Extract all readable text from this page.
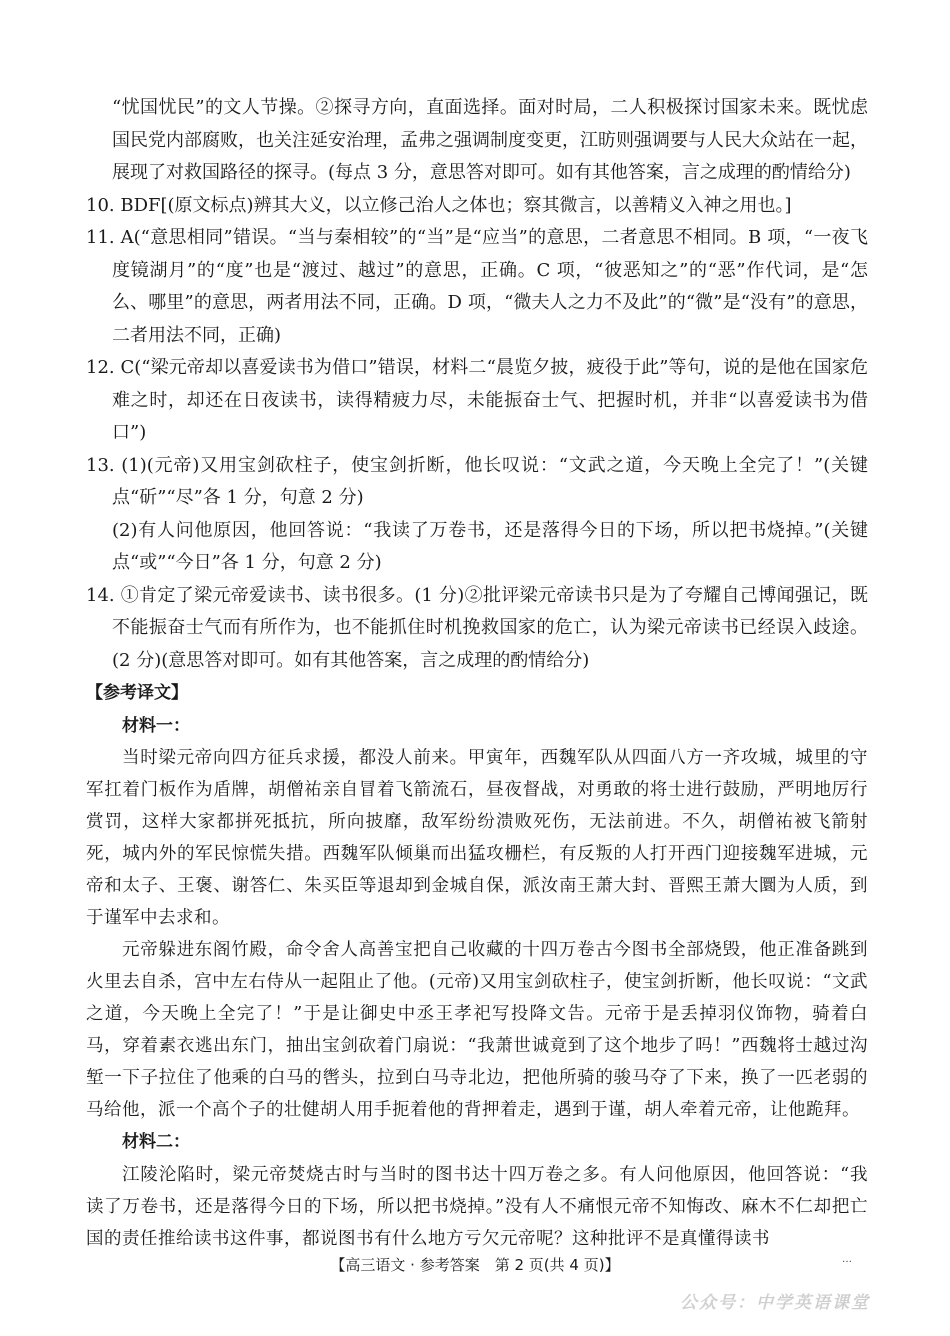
“忧国忧民”的文人节操。②探寻方向，直面选择。面对时局，二人积极探讨国家未来。既忧虑国民党内部腐败，也关注延安治理，孟弗之强调制度变更，江昉则强调要与人民大众站在一起，展现了对救国路径的探寻。(每点 3 分，意思答对即可。如有其他答案，言之成理的酌情给分)

10. BDF[(原文标点)辨其大义，以立修己治人之体也；察其微言，以善精义入神之用也。]

11. A(“意思相同”错误。“当与秦相较”的“当”是“应当”的意思，二者意思不相同。B 项，“一夜飞度镜湖月”的“度”也是“渡过、越过”的意思，正确。C 项，“彼恶知之”的“恶”作代词，是“怎么、哪里”的意思，两者用法不同，正确。D 项，“微夫人之力不及此”的“微”是“没有”的意思，二者用法不同，正确)

12. C(“梁元帝却以喜爱读书为借口”错误，材料二“晨览夕披，疲役于此”等句，说的是他在国家危难之时，却还在日夜读书，读得精疲力尽，未能振奋士气、把握时机，并非“以喜爱读书为借口”)

13. (1)(元帝)又用宝剑砍柱子，使宝剑折断，他长叹说：“文武之道，今天晚上全完了！”(关键点“斫”“尽”各 1 分，句意 2 分)

(2)有人问他原因，他回答说：“我读了万卷书，还是落得今日的下场，所以把书烧掉。”(关键点“或”“今日”各 1 分，句意 2 分)

14. ①肯定了梁元帝爱读书、读书很多。(1 分)②批评梁元帝读书只是为了夸耀自己博闻强记，既不能振奋士气而有所作为，也不能抓住时机挽救国家的危亡，认为梁元帝读书已经误入歧途。(2 分)(意思答对即可。如有其他答案，言之成理的酌情给分)

【参考译文】

材料一：

当时梁元帝向四方征兵求援，都没人前来。甲寅年，西魏军队从四面八方一齐攻城，城里的守军扛着门板作为盾牌，胡僧祐亲自冒着飞箭流石，昼夜督战，对勇敢的将士进行鼓励，严明地厉行赏罚，这样大家都拼死抵抗，所向披靡，敌军纷纷溃败死伤，无法前进。不久，胡僧祐被飞箭射死，城内外的军民惊慌失措。西魏军队倾巢而出猛攻栅栏，有反叛的人打开西门迎接魏军进城，元帝和太子、王褒、谢答仁、朱买臣等退却到金城自保，派汝南王萧大封、晋熙王萧大圜为人质，到于谨军中去求和。

元帝躲进东阁竹殿，命令舍人高善宝把自己收藏的十四万卷古今图书全部烧毁，他正准备跳到火里去自杀，宫中左右侍从一起阻止了他。(元帝)又用宝剑砍柱子，使宝剑折断，他长叹说：“文武之道，今天晚上全完了！”于是让御史中丞王孝祀写投降文告。元帝于是丢掉羽仪饰物，骑着白马，穿着素衣逃出东门，抽出宝剑砍着门扇说：“我萧世诚竟到了这个地步了吗！”西魏将士越过沟堑一下子拉住了他乘的白马的辔头，拉到白马寺北边，把他所骑的骏马夺了下来，换了一匹老弱的马给他，派一个高个子的壮健胡人用手扼着他的背押着走，遇到于谨，胡人牵着元帝，让他跪拜。

材料二：

江陵沦陷时，梁元帝焚烧古时与当时的图书达十四万卷之多。有人问他原因，他回答说：“我读了万卷书，还是落得今日的下场，所以把书烧掉。”没有人不痛恨元帝不知悔改、麻木不仁却把亡国的责任推给读书这件事，都说图书有什么地方亏欠元帝呢？这种批评不是真懂得读书

【高三语文 · 参考答案　第 2 页(共 4 页)】	…
公众号：中学英语课堂
